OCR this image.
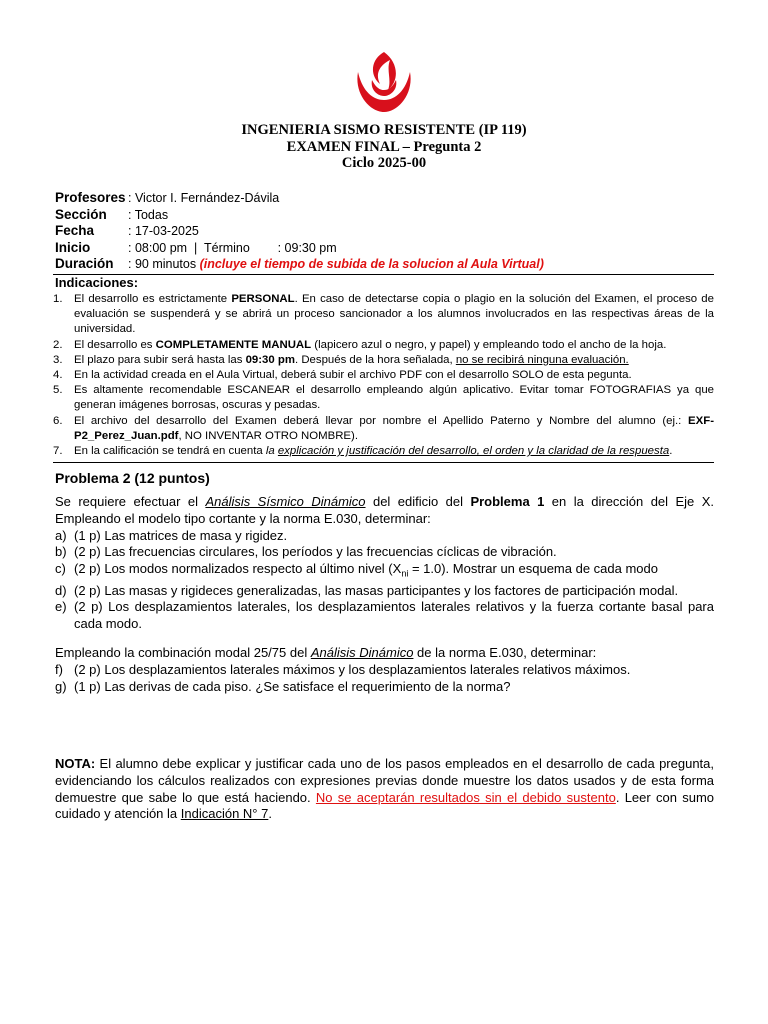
INGENIERIA SISMO RESISTENTE (IP 119)
EXAMEN FINAL – Pregunta 2
Ciclo 2025-00
Profesores : Victor I. Fernández-Dávila
Sección	: Todas
Fecha	: 17-03-2025
Inicio	: 08:00 pm  |  Término        : 09:30 pm
Duración	: 90 minutos (incluye el tiempo de subida de la solucion al Aula Virtual)
Indicaciones:
1.	El desarrollo es estrictamente PERSONAL. En caso de detectarse copia o plagio en la solución del Examen, el proceso de evaluación se suspenderá y se abrirá un proceso sancionador a los alumnos involucrados en las respectivas áreas de la universidad.
2.	El desarrollo es COMPLETAMENTE MANUAL (lapicero azul o negro, y papel) y empleando todo el ancho de la hoja.
3.	El plazo para subir será hasta las 09:30 pm. Después de la hora señalada, no se recibirá ninguna evaluación.
4.	En la actividad creada en el Aula Virtual, deberá subir el archivo PDF con el desarrollo SOLO de esta pegunta.
5.	Es altamente recomendable ESCANEAR el desarrollo empleando algún aplicativo. Evitar tomar FOTOGRAFIAS ya que generan imágenes borrosas, oscuras y pesadas.
6.	El archivo del desarrollo del Examen deberá llevar por nombre el Apellido Paterno y Nombre del alumno (ej.: EXF-P2_Perez_Juan.pdf, NO INVENTAR OTRO NOMBRE).
7.	En la calificación se tendrá en cuenta la explicación y justificación del desarrollo, el orden y la claridad de la respuesta.
Problema 2 (12 puntos)
Se requiere efectuar el Análisis Sísmico Dinámico del edificio del Problema 1 en la dirección del Eje X. Empleando el modelo tipo cortante y la norma E.030, determinar:
a) (1 p) Las matrices de masa y rigidez.
b) (2 p) Las frecuencias circulares, los períodos y las frecuencias cíclicas de vibración.
c) (2 p) Los modos normalizados respecto al último nivel $(X_{ni} = 1.0)$. Mostrar un esquema de cada modo
d) (2 p) Las masas y rigideces generalizadas, las masas participantes y los factores de participación modal.
e) (2 p) Los desplazamientos laterales, los desplazamientos laterales relativos y la fuerza cortante basal para cada modo.
Empleando la combinación modal 25/75 del Análisis Dinámico de la norma E.030, determinar:
f) (2 p) Los desplazamientos laterales máximos y los desplazamientos laterales relativos máximos.
g) (1 p) Las derivas de cada piso. ¿Se satisface el requerimiento de la norma?
NOTA: El alumno debe explicar y justificar cada uno de los pasos empleados en el desarrollo de cada pregunta, evidenciando los cálculos realizados con expresiones previas donde muestre los datos usados y de esta forma demuestre que sabe lo que está haciendo. No se aceptarán resultados sin el debido sustento. Leer con sumo cuidado y atención la Indicación N° 7.
